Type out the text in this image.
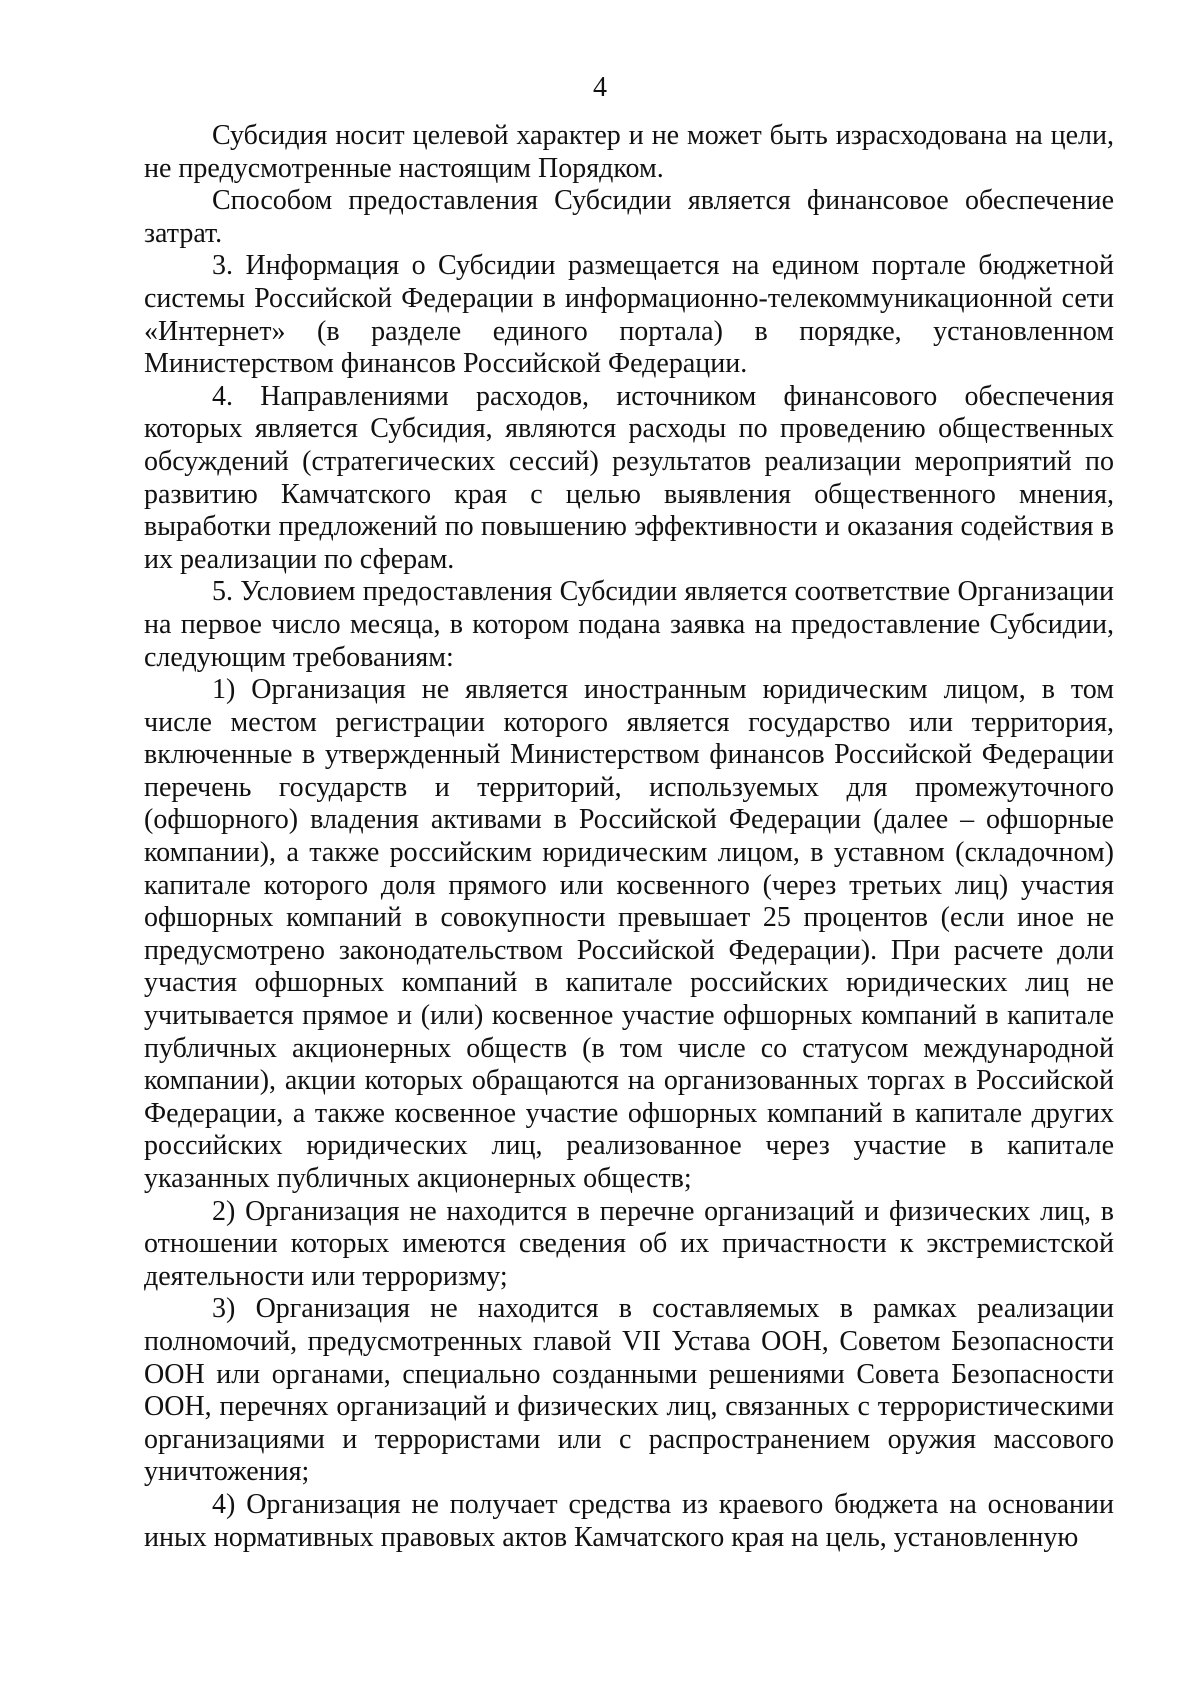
4

Субсидия носит целевой характер и не может быть израсходована на цели, не предусмотренные настоящим Порядком.

Способом предоставления Субсидии является финансовое обеспечение затрат.

3. Информация о Субсидии размещается на едином портале бюджетной системы Российской Федерации в информационно-телекоммуникационной сети «Интернет» (в разделе единого портала) в порядке, установленном Министерством финансов Российской Федерации.

4. Направлениями расходов, источником финансового обеспечения которых является Субсидия, являются расходы по проведению общественных обсуждений (стратегических сессий) результатов реализации мероприятий по развитию Камчатского края с целью выявления общественного мнения, выработки предложений по повышению эффективности и оказания содействия в их реализации по сферам.

5. Условием предоставления Субсидии является соответствие Организации на первое число месяца, в котором подана заявка на предоставление Субсидии, следующим требованиям:

1) Организация не является иностранным юридическим лицом, в том числе местом регистрации которого является государство или территория, включенные в утвержденный Министерством финансов Российской Федерации перечень государств и территорий, используемых для промежуточного (офшорного) владения активами в Российской Федерации (далее – офшорные компании), а также российским юридическим лицом, в уставном (складочном) капитале которого доля прямого или косвенного (через третьих лиц) участия офшорных компаний в совокупности превышает 25 процентов (если иное не предусмотрено законодательством Российской Федерации). При расчете доли участия офшорных компаний в капитале российских юридических лиц не учитывается прямое и (или) косвенное участие офшорных компаний в капитале публичных акционерных обществ (в том числе со статусом международной компании), акции которых обращаются на организованных торгах в Российской Федерации, а также косвенное участие офшорных компаний в капитале других российских юридических лиц, реализованное через участие в капитале указанных публичных акционерных обществ;

2) Организация не находится в перечне организаций и физических лиц, в отношении которых имеются сведения об их причастности к экстремистской деятельности или терроризму;

3) Организация не находится в составляемых в рамках реализации полномочий, предусмотренных главой VII Устава ООН, Советом Безопасности ООН или органами, специально созданными решениями Совета Безопасности ООН, перечнях организаций и физических лиц, связанных с террористическими организациями и террористами или с распространением оружия массового уничтожения;

4) Организация не получает средства из краевого бюджета на основании иных нормативных правовых актов Камчатского края на цель, установленную
